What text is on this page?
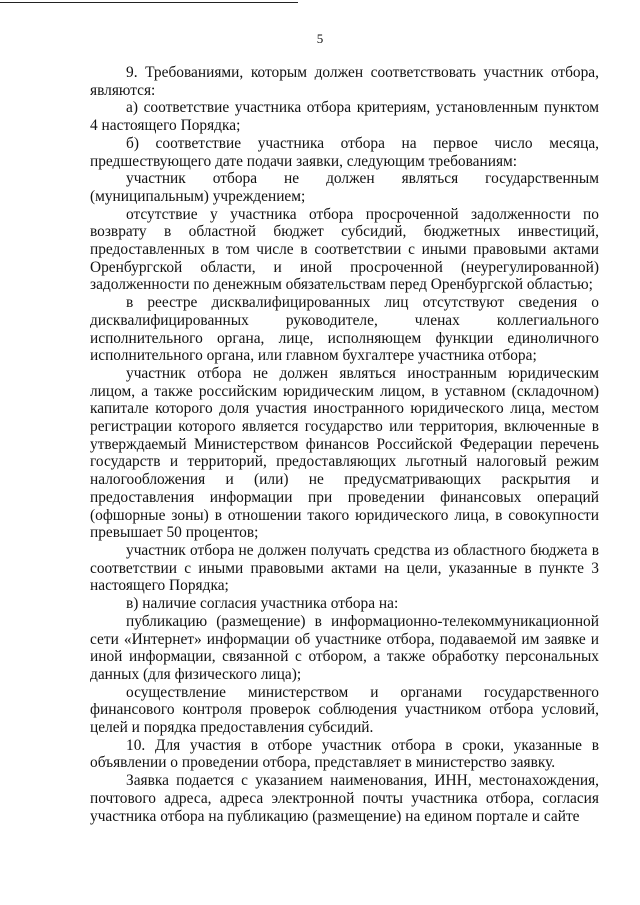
5

9. Требованиями, которым должен соответствовать участник отбора, являются:

а) соответствие участника отбора критериям, установленным пунктом 4 настоящего Порядка;

б) соответствие участника отбора на первое число месяца, предшествующего дате подачи заявки, следующим требованиям:

участник отбора не должен являться государственным (муниципальным) учреждением;

отсутствие у участника отбора просроченной задолженности по возврату в областной бюджет субсидий, бюджетных инвестиций, предоставленных в том числе в соответствии с иными правовыми актами Оренбургской области, и иной просроченной (неурегулированной) задолженности по денежным обязательствам перед Оренбургской областью;

в реестре дисквалифицированных лиц отсутствуют сведения о дисквалифицированных руководителе, членах коллегиального исполнительного органа, лице, исполняющем функции единоличного исполнительного органа, или главном бухгалтере участника отбора;

участник отбора не должен являться иностранным юридическим лицом, а также российским юридическим лицом, в уставном (складочном) капитале которого доля участия иностранного юридического лица, местом регистрации которого является государство или территория, включенные в утверждаемый Министерством финансов Российской Федерации перечень государств и территорий, предоставляющих льготный налоговый режим налогообложения и (или) не предусматривающих раскрытия и предоставления информации при проведении финансовых операций (офшорные зоны) в отношении такого юридического лица, в совокупности превышает 50 процентов;

участник отбора не должен получать средства из областного бюджета в соответствии с иными правовыми актами на цели, указанные в пункте 3 настоящего Порядка;

в) наличие согласия участника отбора на:

публикацию (размещение) в информационно-телекоммуникационной сети «Интернет» информации об участнике отбора, подаваемой им заявке и иной информации, связанной с отбором, а также обработку персональных данных (для физического лица);

осуществление министерством и органами государственного финансового контроля проверок соблюдения участником отбора условий, целей и порядка предоставления субсидий.

10. Для участия в отборе участник отбора в сроки, указанные в объявлении о проведении отбора, представляет в министерство заявку.

Заявка подается с указанием наименования, ИНН, местонахождения, почтового адреса, адреса электронной почты участника отбора, согласия участника отбора на публикацию (размещение) на едином портале и сайте
